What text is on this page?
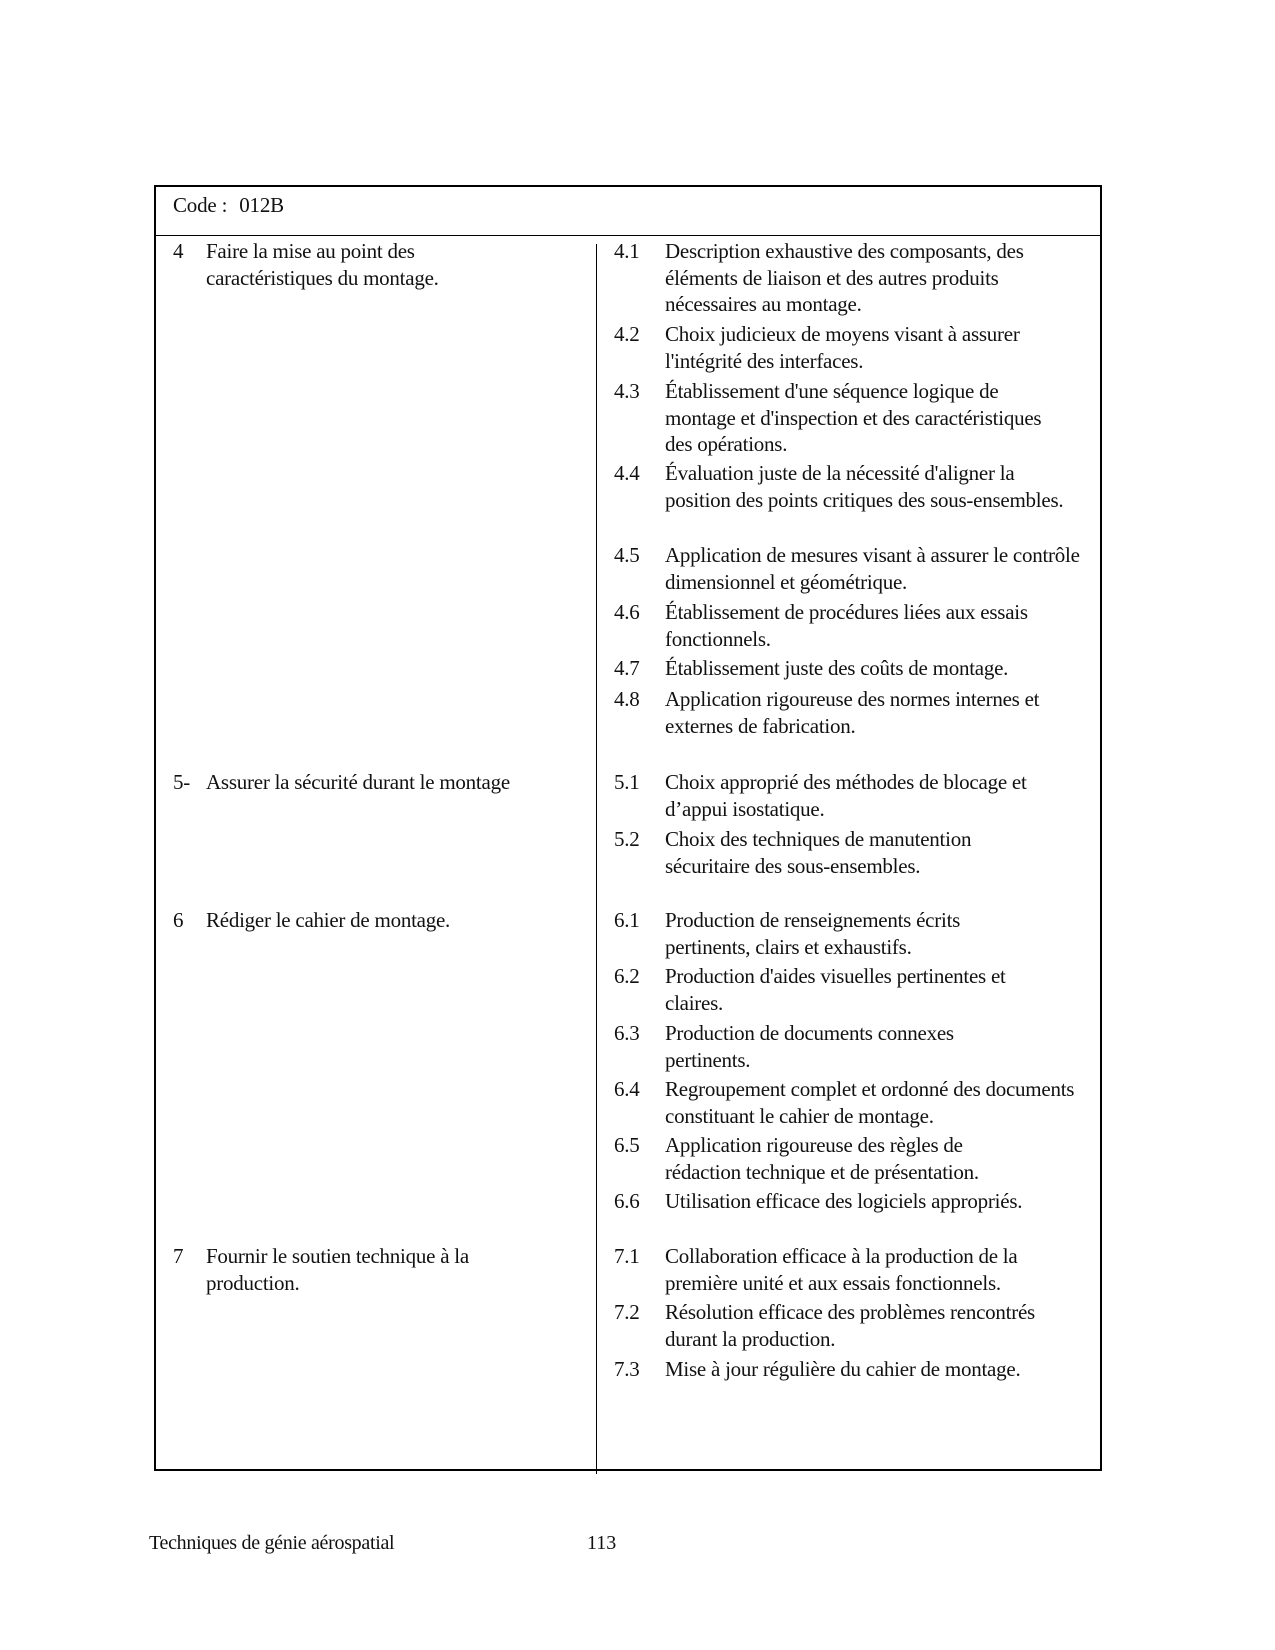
Code : 012B
4	Faire la mise au point des caractéristiques du montage.
4.1	Description exhaustive des composants, des éléments de liaison et des autres produits nécessaires au montage.
4.2	Choix judicieux de moyens visant à assurer l'intégrité des interfaces.
4.3	Établissement d'une séquence logique de montage et d'inspection et des caractéristiques des opérations.
4.4	Évaluation juste de la nécessité d'aligner la position des points critiques des sous-ensembles.
4.5	Application de mesures visant à assurer le contrôle dimensionnel et géométrique.
4.6	Établissement de procédures liées aux essais fonctionnels.
4.7	Établissement juste des coûts de montage.
4.8	Application rigoureuse des normes internes et externes de fabrication.
5- Assurer la sécurité durant le montage	5.1	Choix approprié des méthodes de blocage et d’appui isostatique.
5.2	Choix des techniques de manutention sécuritaire des sous-ensembles.
6	Rédiger le cahier de montage.	6.1	Production de renseignements écrits pertinents, clairs et exhaustifs.
6.2	Production d'aides visuelles pertinentes et claires.
6.3	Production de documents connexes pertinents.
6.4	Regroupement complet et ordonné des documents constituant le cahier de montage.
6.5	Application rigoureuse des règles de rédaction technique et de présentation.
6.6	Utilisation efficace des logiciels appropriés.
7	Fournir le soutien technique à la production.
7.1	Collaboration efficace à la production de la première unité et aux essais fonctionnels.
7.2	Résolution efficace des problèmes rencontrés durant la production.
7.3	Mise à jour régulière du cahier de montage.
Techniques de génie aérospatial	113
